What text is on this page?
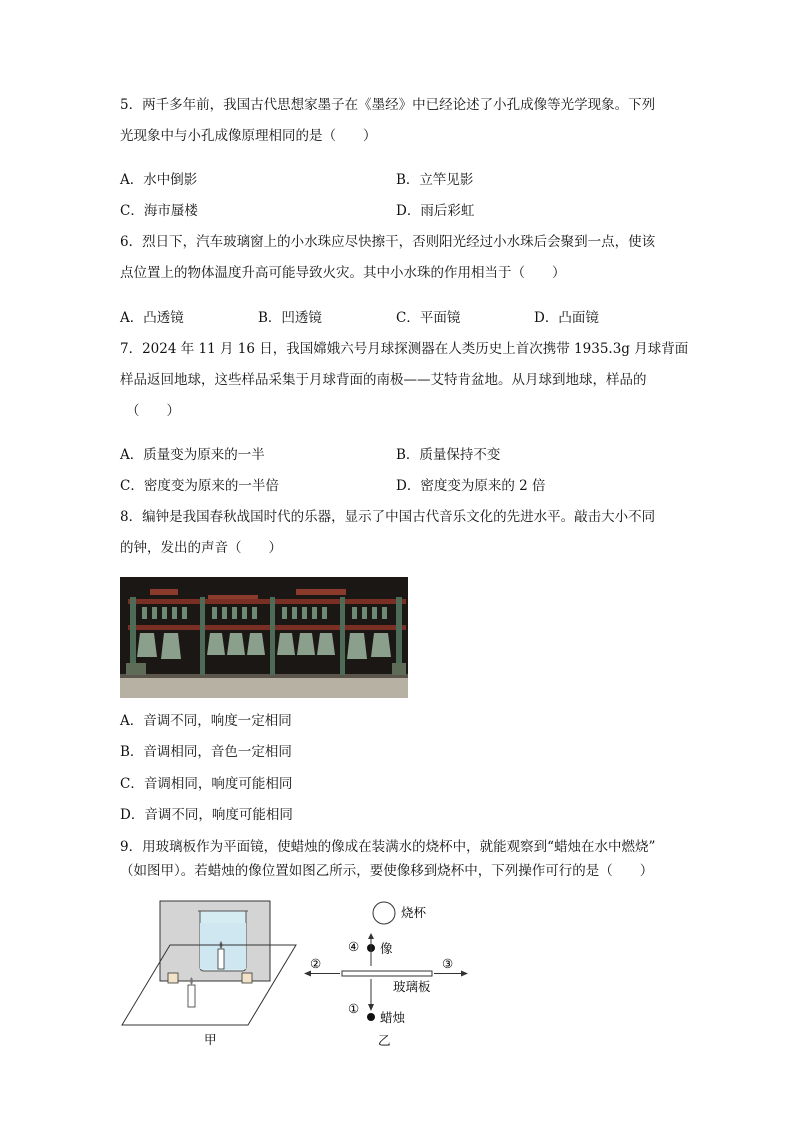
5．两千多年前，我国古代思想家墨子在《墨经》中已经论述了小孔成像等光学现象。下列
光现象中与小孔成像原理相同的是（　　）
A．水中倒影	B．立竿见影
C．海市蜃楼	D．雨后彩虹
6．烈日下，汽车玻璃窗上的小水珠应尽快擦干，否则阳光经过小水珠后会聚到一点，使该
点位置上的物体温度升高可能导致火灾。其中小水珠的作用相当于（　　）
A．凸透镜	B．凹透镜	C．平面镜	D．凸面镜
7．2024 年 11 月 16 日，我国嫦娥六号月球探测器在人类历史上首次携带 1935.3g 月球背面
样品返回地球，这些样品采集于月球背面的南极——艾特肯盆地。从月球到地球，样品的
（　　）
A．质量变为原来的一半	B．质量保持不变
C．密度变为原来的一半倍	D．密度变为原来的 2 倍
8．编钟是我国春秋战国时代的乐器，显示了中国古代音乐文化的先进水平。敲击大小不同
的钟，发出的声音（　　）
A．音调不同，响度一定相同
B．音调相同，音色一定相同
C．音调相同，响度可能相同
D．音调不同，响度可能相同
9．用玻璃板作为平面镜，使蜡烛的像成在装满水的烧杯中，就能观察到“蜡烛在水中燃烧”
（如图甲）。若蜡烛的像位置如图乙所示，要使像移到烧杯中，下列操作可行的是（　　）
甲
烧杯
像
玻璃板
蜡烛
④
②	③
①
乙
